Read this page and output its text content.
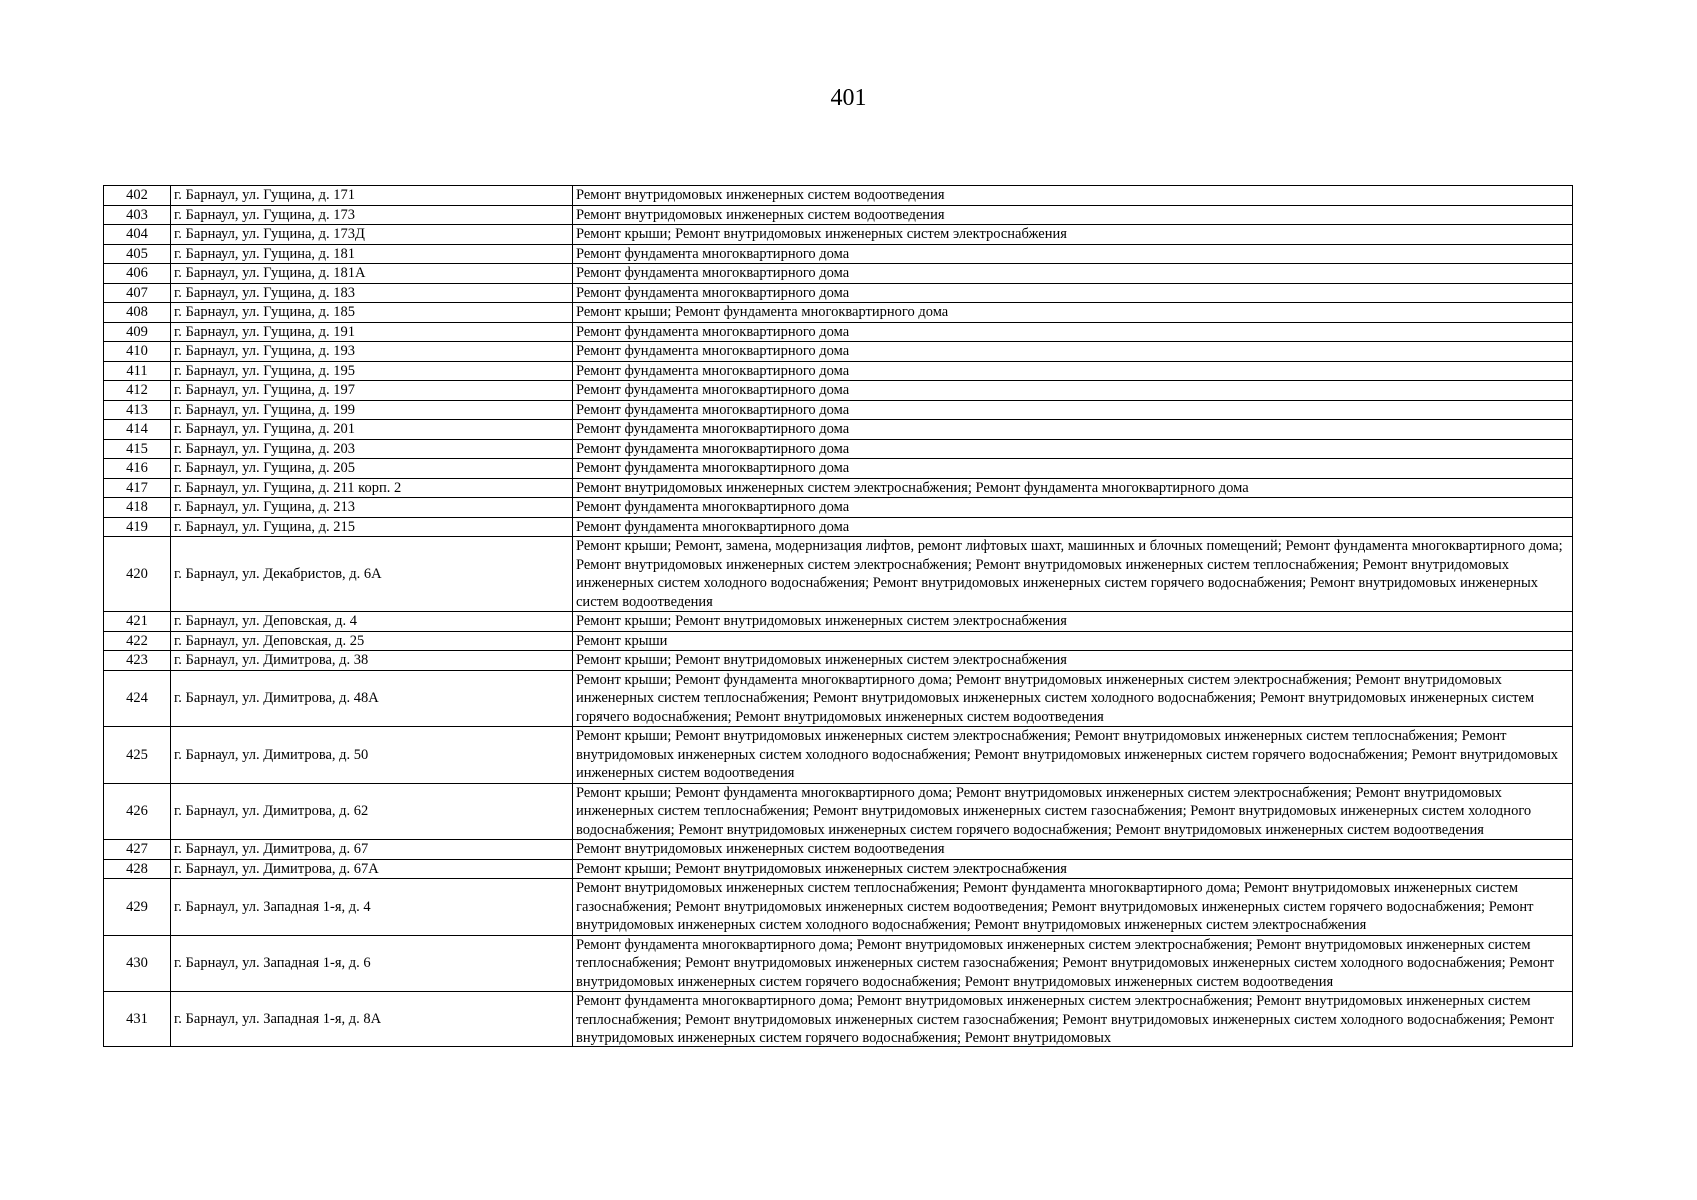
401
402	г. Барнаул, ул. Гущина, д. 171	Ремонт внутридомовых инженерных систем водоотведения

403	г. Барнаул, ул. Гущина, д. 173	Ремонт внутридомовых инженерных систем водоотведения

404	г. Барнаул, ул. Гущина, д. 173Д	Ремонт крыши; Ремонт внутридомовых инженерных систем электроснабжения

405	г. Барнаул, ул. Гущина, д. 181	Ремонт фундамента многоквартирного дома

406	г. Барнаул, ул. Гущина, д. 181А	Ремонт фундамента многоквартирного дома

407	г. Барнаул, ул. Гущина, д. 183	Ремонт фундамента многоквартирного дома

408	г. Барнаул, ул. Гущина, д. 185	Ремонт крыши; Ремонт фундамента многоквартирного дома

409	г. Барнаул, ул. Гущина, д. 191	Ремонт фундамента многоквартирного дома

410	г. Барнаул, ул. Гущина, д. 193	Ремонт фундамента многоквартирного дома

411	г. Барнаул, ул. Гущина, д. 195	Ремонт фундамента многоквартирного дома

412	г. Барнаул, ул. Гущина, д. 197	Ремонт фундамента многоквартирного дома

413	г. Барнаул, ул. Гущина, д. 199	Ремонт фундамента многоквартирного дома

414	г. Барнаул, ул. Гущина, д. 201	Ремонт фундамента многоквартирного дома

415	г. Барнаул, ул. Гущина, д. 203	Ремонт фундамента многоквартирного дома

416	г. Барнаул, ул. Гущина, д. 205	Ремонт фундамента многоквартирного дома

417	г. Барнаул, ул. Гущина, д. 211 корп. 2	Ремонт внутридомовых инженерных систем электроснабжения; Ремонт фундамента многоквартирного дома

418	г. Барнаул, ул. Гущина, д. 213	Ремонт фундамента многоквартирного дома

419	г. Барнаул, ул. Гущина, д. 215	Ремонт фундамента многоквартирного дома

420	г. Барнаул, ул. Декабристов, д. 6А	Ремонт крыши; Ремонт, замена, модернизация лифтов, ремонт лифтовых шахт, машинных и блочных помещений; Ремонт фундамента многоквартирного дома; Ремонт внутридомовых инженерных систем электроснабжения; Ремонт внутридомовых инженерных систем теплоснабжения; Ремонт внутридомовых инженерных систем холодного водоснабжения; Ремонт внутридомовых инженерных систем горячего водоснабжения; Ремонт внутридомовых инженерных систем водоотведения

421	г. Барнаул, ул. Деповская, д. 4	Ремонт крыши; Ремонт внутридомовых инженерных систем электроснабжения

422	г. Барнаул, ул. Деповская, д. 25	Ремонт крыши

423	г. Барнаул, ул. Димитрова, д. 38	Ремонт крыши; Ремонт внутридомовых инженерных систем электроснабжения

424	г. Барнаул, ул. Димитрова, д. 48А	Ремонт крыши; Ремонт фундамента многоквартирного дома; Ремонт внутридомовых инженерных систем электроснабжения; Ремонт внутридомовых инженерных систем теплоснабжения; Ремонт внутридомовых инженерных систем холодного водоснабжения; Ремонт внутридомовых инженерных систем горячего водоснабжения; Ремонт внутридомовых инженерных систем водоотведения

425	г. Барнаул, ул. Димитрова, д. 50	Ремонт крыши; Ремонт внутридомовых инженерных систем электроснабжения; Ремонт внутридомовых инженерных систем теплоснабжения; Ремонт внутридомовых инженерных систем холодного водоснабжения; Ремонт внутридомовых инженерных систем горячего водоснабжения; Ремонт внутридомовых инженерных систем водоотведения

426	г. Барнаул, ул. Димитрова, д. 62	Ремонт крыши; Ремонт фундамента многоквартирного дома; Ремонт внутридомовых инженерных систем электроснабжения; Ремонт внутридомовых инженерных систем теплоснабжения; Ремонт внутридомовых инженерных систем газоснабжения; Ремонт внутридомовых инженерных систем холодного водоснабжения; Ремонт внутридомовых инженерных систем горячего водоснабжения; Ремонт внутридомовых инженерных систем водоотведения

427	г. Барнаул, ул. Димитрова, д. 67	Ремонт внутридомовых инженерных систем водоотведения

428	г. Барнаул, ул. Димитрова, д. 67А	Ремонт крыши; Ремонт внутридомовых инженерных систем электроснабжения

429	г. Барнаул, ул. Западная 1-я, д. 4	Ремонт внутридомовых инженерных систем теплоснабжения; Ремонт фундамента многоквартирного дома; Ремонт внутридомовых инженерных систем газоснабжения; Ремонт внутридомовых инженерных систем водоотведения; Ремонт внутридомовых инженерных систем горячего водоснабжения; Ремонт внутридомовых инженерных систем холодного водоснабжения; Ремонт внутридомовых инженерных систем электроснабжения

430	г. Барнаул, ул. Западная 1-я, д. 6	Ремонт фундамента многоквартирного дома; Ремонт внутридомовых инженерных систем электроснабжения; Ремонт внутридомовых инженерных систем теплоснабжения; Ремонт внутридомовых инженерных систем газоснабжения; Ремонт внутридомовых инженерных систем холодного водоснабжения; Ремонт внутридомовых инженерных систем горячего водоснабжения; Ремонт внутридомовых инженерных систем водоотведения

431	г. Барнаул, ул. Западная 1-я, д. 8А	Ремонт фундамента многоквартирного дома; Ремонт внутридомовых инженерных систем электроснабжения; Ремонт внутридомовых инженерных систем теплоснабжения; Ремонт внутридомовых инженерных систем газоснабжения; Ремонт внутридомовых инженерных систем холодного водоснабжения; Ремонт внутридомовых инженерных систем горячего водоснабжения; Ремонт внутридомовых
